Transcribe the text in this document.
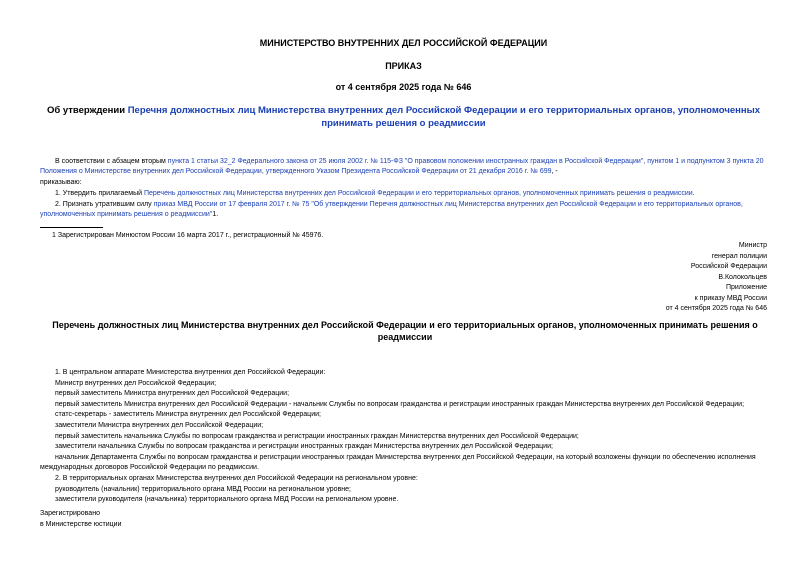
МИНИСТЕРСТВО ВНУТРЕННИХ ДЕЛ РОССИЙСКОЙ ФЕДЕРАЦИИ
ПРИКАЗ
от 4 сентября 2025 года № 646
Об утверждении Перечня должностных лиц Министерства внутренних дел Российской Федерации и его территориальных органов, уполномоченных принимать решения о реадмиссии

В соответствии с абзацем вторым пункта 1 статьи 32_2 Федерального закона от 25 июля 2002 г. № 115-ФЗ "О правовом положении иностранных граждан в Российской Федерации", пунктом 1 и подпунктом 3 пункта 20 Положения о Министерстве внутренних дел Российской Федерации, утвержденного Указом Президента Российской Федерации от 21 декабря 2016 г. № 699, -

приказываю:

1. Утвердить прилагаемый Перечень должностных лиц Министерства внутренних дел Российской Федерации и его территориальных органов, уполномоченных принимать решения о реадмиссии.

2. Признать утратившим силу приказ МВД России от 17 февраля 2017 г. № 75 "Об утверждении Перечня должностных лиц Министерства внутренних дел Российской Федерации и его территориальных органов, уполномоченных принимать решения о реадмиссии"1.

1 Зарегистрирован Минюстом России 16 марта 2017 г., регистрационный № 45976.
Министр
генерал полиции
Российской Федерации
В.Колокольцев
Приложение
к приказу МВД России
от 4 сентября 2025 года № 646
Перечень должностных лиц Министерства внутренних дел Российской Федерации и его территориальных органов, уполномоченных принимать решения о реадмиссии

1. В центральном аппарате Министерства внутренних дел Российской Федерации:

Министр внутренних дел Российской Федерации;

первый заместитель Министра внутренних дел Российской Федерации;

первый заместитель Министра внутренних дел Российской Федерации - начальник Службы по вопросам гражданства и регистрации иностранных граждан Министерства внутренних дел Российской Федерации;

статс-секретарь - заместитель Министра внутренних дел Российской Федерации;

заместители Министра внутренних дел Российской Федерации;

первый заместитель начальника Службы по вопросам гражданства и регистрации иностранных граждан Министерства внутренних дел Российской Федерации;

заместители начальника Службы по вопросам гражданства и регистрации иностранных граждан Министерства внутренних дел Российской Федерации;

начальник Департамента Службы по вопросам гражданства и регистрации иностранных граждан Министерства внутренних дел Российской Федерации, на который возложены функции по обеспечению исполнения международных договоров Российской Федерации по реадмиссии.

2. В территориальных органах Министерства внутренних дел Российской Федерации на региональном уровне:

руководитель (начальник) территориального органа МВД России на региональном уровне;

заместители руководителя (начальника) территориального органа МВД России на региональном уровне.

Зарегистрировано
в Министерстве юстиции
